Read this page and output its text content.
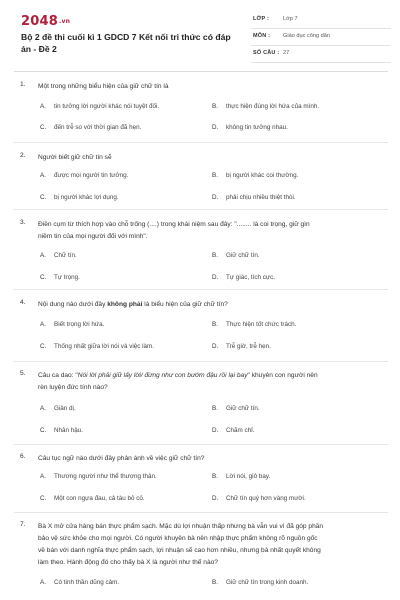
2048.vn
Bộ 2 đề thi cuối kì 1 GDCD 7 Kết nối tri thức có đáp án - Đề 2
LỚP :	Lớp 7
MÔN : Giáo dục công dân
SỐ CÂU : 27
1. Một trong những biểu hiện của giữ chữ tín là
A. tin tưởng lời người khác nói tuyệt đối.	B. thực hiện đúng lời hứa của mình.
C. đến trễ so với thời gian đã hẹn.	D. không tin tưởng nhau.
2. Người biết giữ chữ tín sẽ
A. được mọi người tin tưởng.	B. bị người khác coi thường.
C. bị người khác lợi dụng.	D. phải chịu nhiều thiệt thòi.
3. Điền cụm từ thích hợp vào chỗ trống (....) trong khái niệm sau đây: "........ là coi trọng, giữ gìn
niềm tin của mọi người đối với mình".
A. Chữ tín.	B. Giữ chữ tín.
C. Tự trọng.	D. Tự giác, tích cực.
4. Nội dung nào dưới đây không phải là biểu hiện của giữ chữ tín?
A. Biết trọng lời hứa.	B. Thực hiện tốt chức trách.
C. Thống nhất giữa lời nói và việc làm.	D. Trễ giờ, trễ hẹn.
5. Câu ca dao: "Nói lời phải giữ lấy lời/ đừng như con bướm đậu rồi lại bay" khuyên con người nên
rèn luyện đức tính nào?
A. Giản dị.	B. Giữ chữ tín.
C. Nhân hậu.	D. Chăm chỉ.
6. Câu tục ngữ nào dưới đây phản ánh về việc giữ chữ tín?
A. Thương người như thể thương thân.	B. Lời nói, gió bay.
C. Một con ngựa đau, cả tàu bỏ cỏ.	D. Chữ tín quý hơn vàng mười.
7. Bà X mở cửa hàng bán thực phẩm sạch. Mặc dù lợi nhuận thấp nhưng bà vẫn vui vì đã góp phần
bảo vệ sức khỏe cho mọi người. Có người khuyên bà nên nhập thực phẩm không rõ nguồn gốc
về bán với danh nghĩa thực phẩm sạch, lợi nhuận sẽ cao hơn nhiều, nhưng bà nhất quyết không
làm theo. Hành động đó cho thấy bà X là người như thế nào?
A. Có tinh thần dũng cảm.	B. Giữ chữ tín trong kinh doanh.
